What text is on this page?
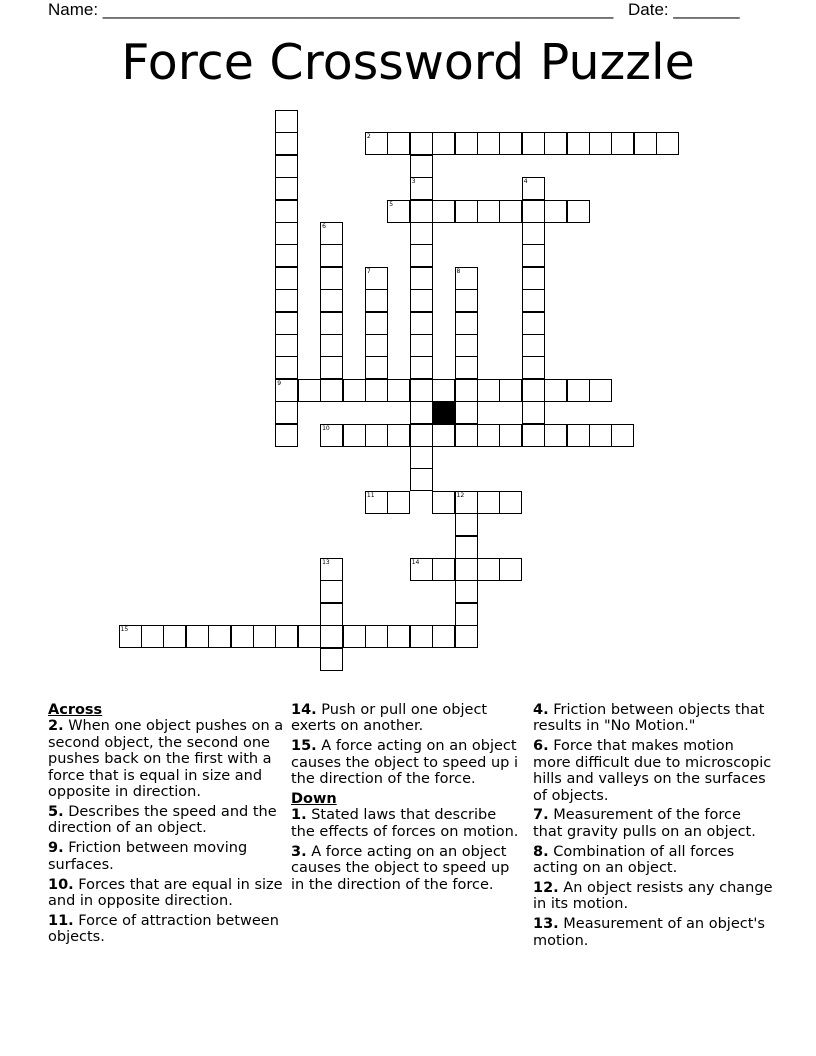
Name: ______________________________________________________ Date: _______
Force Crossword Puzzle
9
2
3	4
5
6
7	8
10
11	12
13	14
15
Across
2. When one object pushes on a second object, the second one pushes back on the first with a force that is equal in size and opposite in direction.
5. Describes the speed and the direction of an object.
9. Friction between moving surfaces.
10. Forces that are equal in size and in opposite direction.
11. Force of attraction between objects.
14. Push or pull one object exerts on another.
15. A force acting on an object causes the object to speed up i the direction of the force.
Down
1. Stated laws that describe the effects of forces on motion.
3. A force acting on an object causes the object to speed up in the direction of the force.
4. Friction between objects that results in "No Motion."
6. Force that makes motion more difficult due to microscopic hills and valleys on the surfaces of objects.
7. Measurement of the force that gravity pulls on an object.
8. Combination of all forces acting on an object.
12. An object resists any change in its motion.
13. Measurement of an object's motion.
